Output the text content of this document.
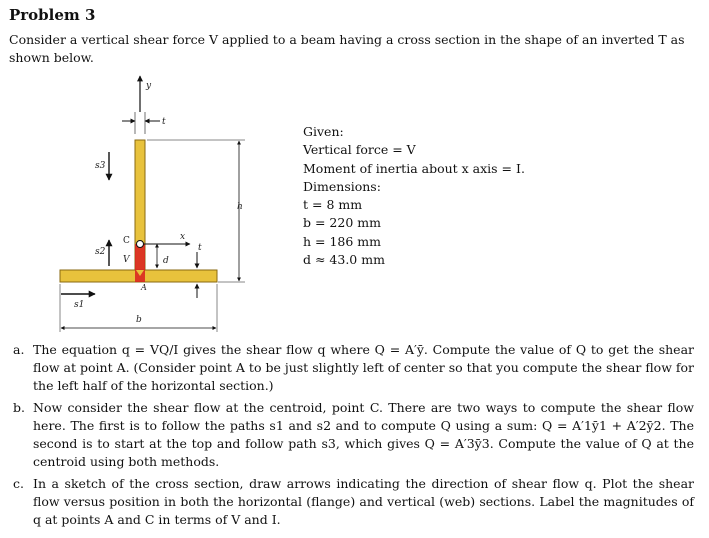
Problem 3
Consider a vertical shear force V applied to a beam having a cross section in the shape of an inverted T as shown below.
y
t
x
C
s3
s2
V	d
t
h
A
s1
b
Given:
Vertical force = V
Moment of inertia about x axis = I.
Dimensions:
t = 8 mm
b = 220 mm
h = 186 mm
d ≈ 43.0 mm
a. The equation q = VQ/I gives the shear flow q where Q = A′ȳ. Compute the value of Q to get the shear flow at point A. (Consider point A to be just slightly left of center so that you compute the shear flow for the left half of the horizontal section.)
b. Now consider the shear flow at the centroid, point C. There are two ways to compute the shear flow here. The first is to follow the paths s1 and s2 and to compute Q using a sum: Q = A′1ȳ1 + A′2ȳ2. The second is to start at the top and follow path s3, which gives Q = A′3ȳ3. Compute the value of Q at the centroid using both methods.
c. In a sketch of the cross section, draw arrows indicating the direction of shear flow q. Plot the shear flow versus position in both the horizontal (flange) and vertical (web) sections. Label the magnitudes of q at points A and C in terms of V and I.
